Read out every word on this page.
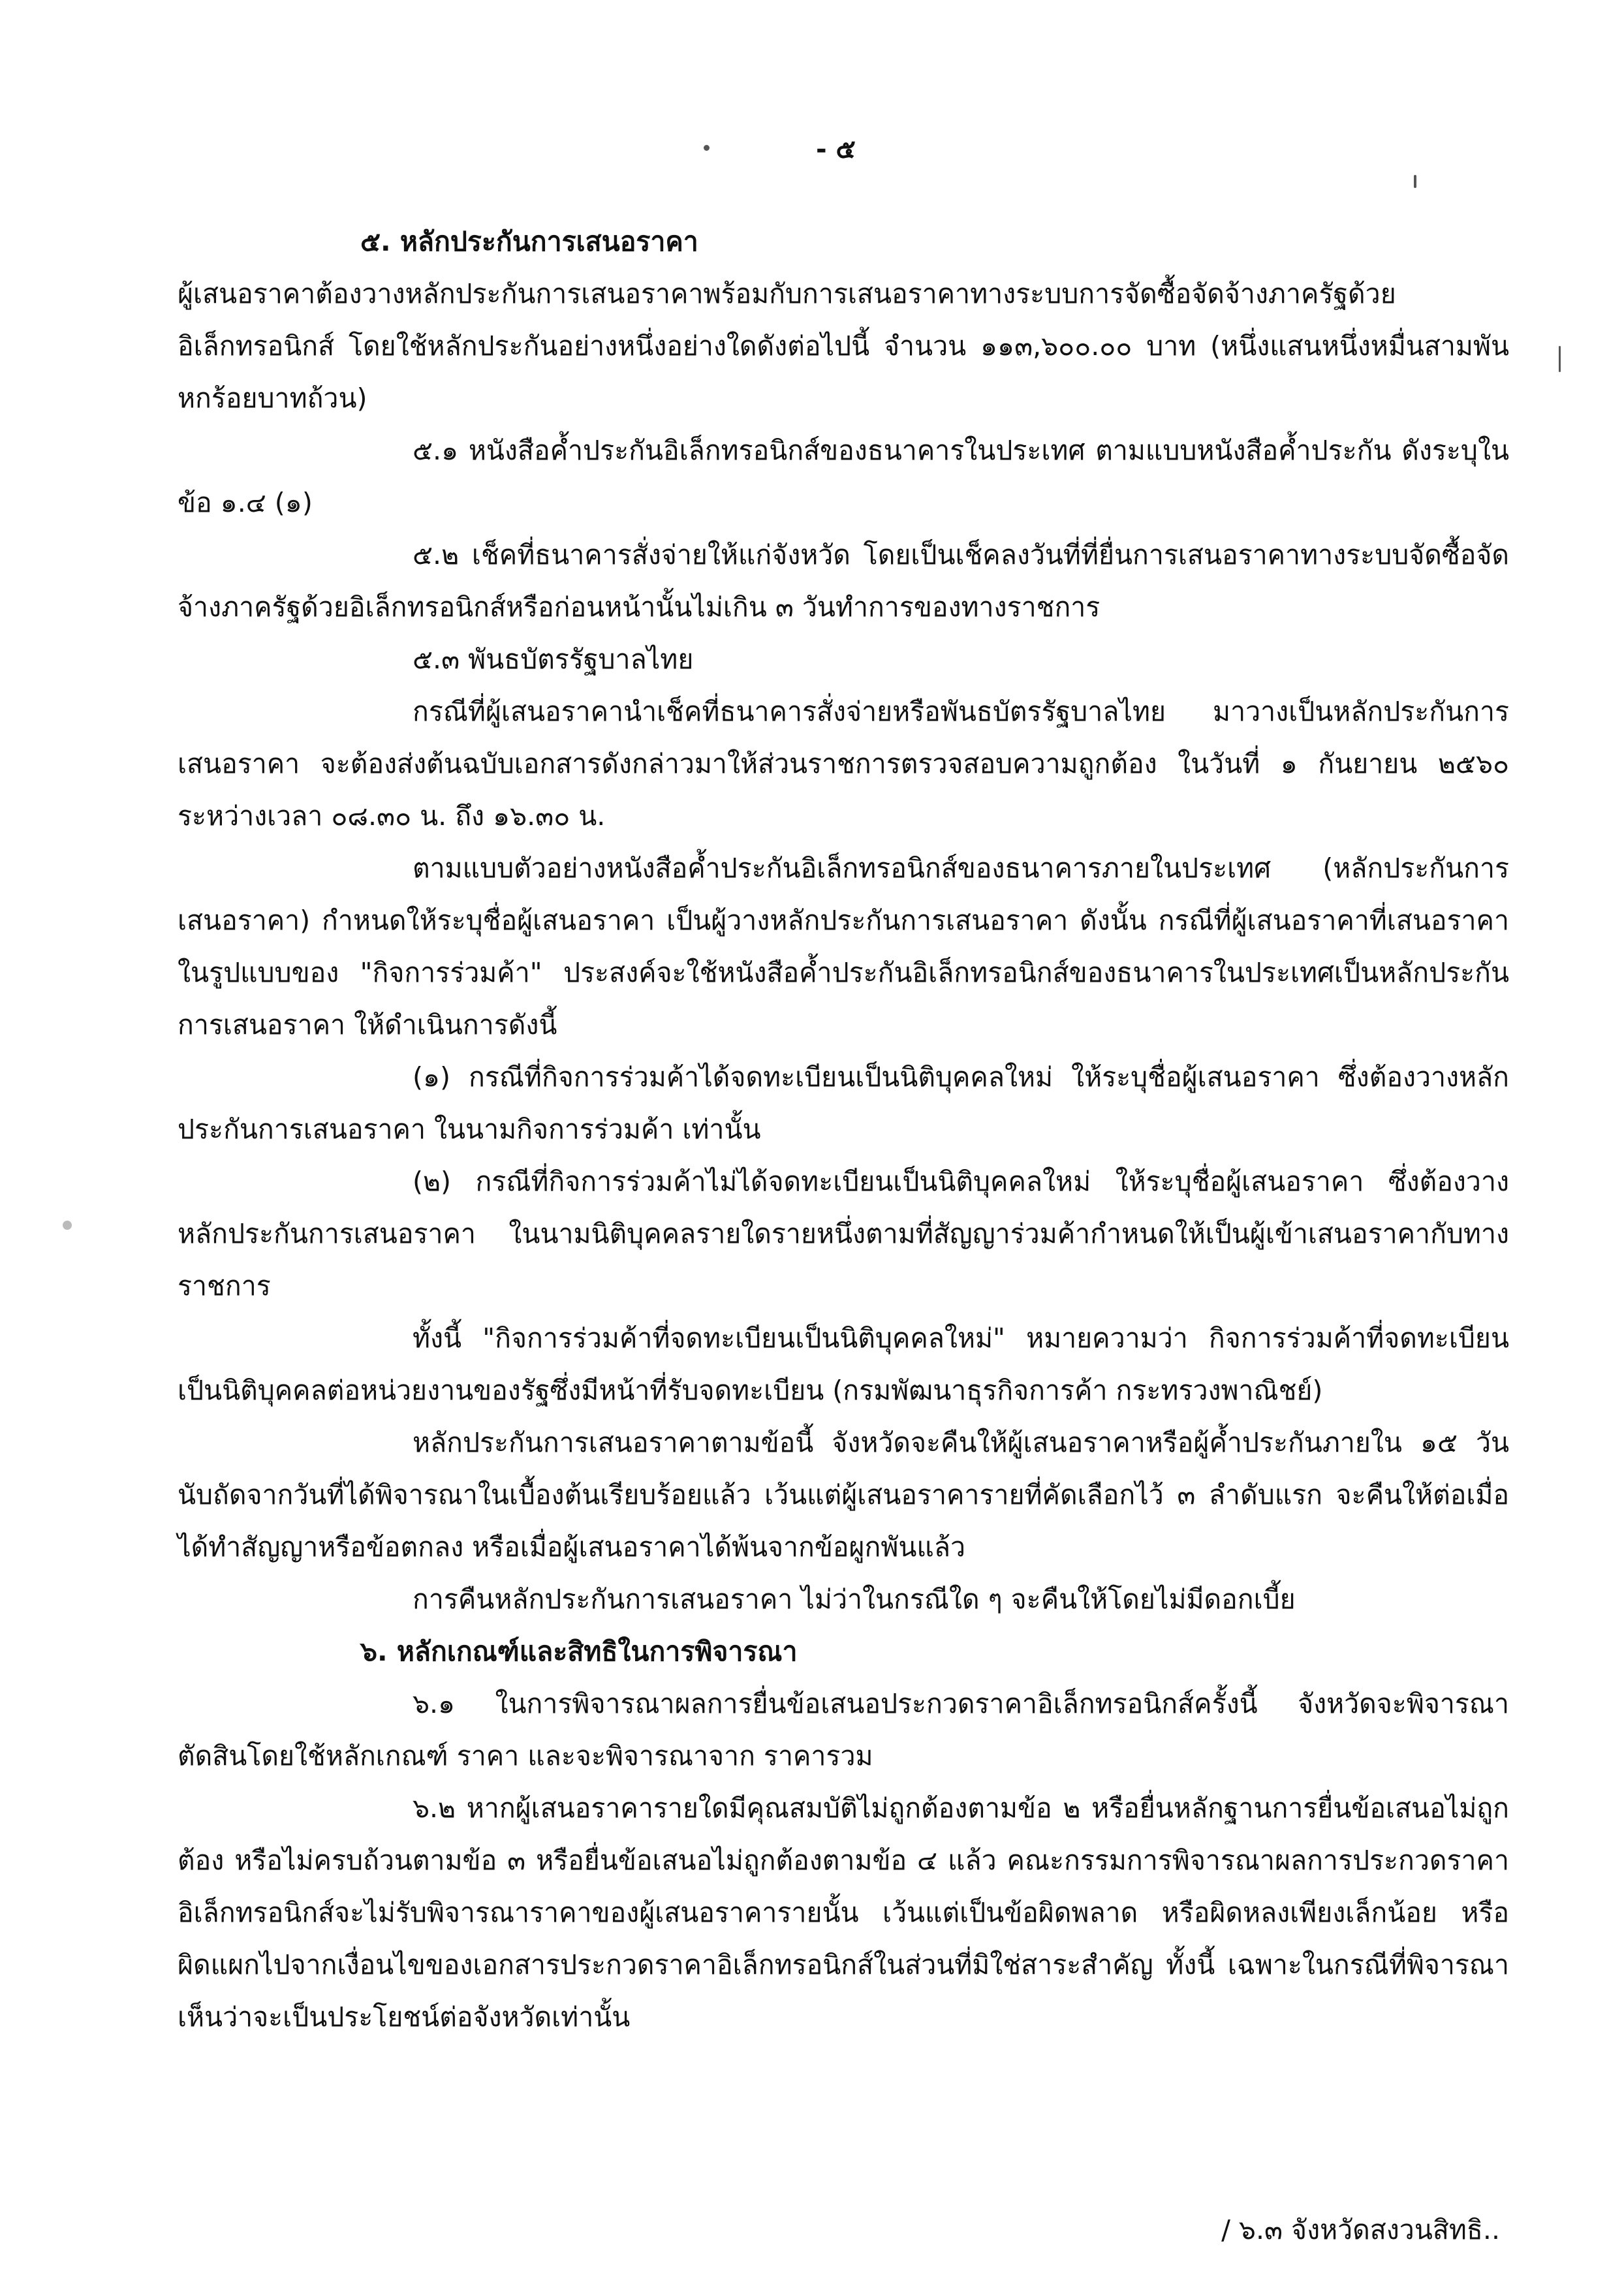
- ๕

๕. หลักประกันการเสนอราคา

ผู้เสนอราคาต้องวางหลักประกันการเสนอราคาพร้อมกับการเสนอราคาทางระบบการจัดซื้อจัดจ้างภาครัฐด้วยอิเล็กทรอนิกส์ โดยใช้หลักประกันอย่างหนึ่งอย่างใดดังต่อไปนี้ จำนวน ๑๑๓,๖๐๐.๐๐ บาท (หนึ่งแสนหนึ่งหมื่นสามพันหกร้อยบาทถ้วน)

๕.๑ หนังสือค้ำประกันอิเล็กทรอนิกส์ของธนาคารในประเทศ ตามแบบหนังสือค้ำประกัน ดังระบุในข้อ ๑.๔ (๑)

๕.๒ เช็คที่ธนาคารสั่งจ่ายให้แก่จังหวัด โดยเป็นเช็คลงวันที่ที่ยื่นการเสนอราคาทางระบบจัดซื้อจัดจ้างภาครัฐด้วยอิเล็กทรอนิกส์หรือก่อนหน้านั้นไม่เกิน ๓ วันทำการของทางราชการ

๕.๓ พันธบัตรรัฐบาลไทย

กรณีที่ผู้เสนอราคานำเช็คที่ธนาคารสั่งจ่ายหรือพันธบัตรรัฐบาลไทย มาวางเป็นหลักประกันการเสนอราคา จะต้องส่งต้นฉบับเอกสารดังกล่าวมาให้ส่วนราชการตรวจสอบความถูกต้อง ในวันที่ ๑ กันยายน ๒๕๖๐ ระหว่างเวลา ๐๘.๓๐ น. ถึง ๑๖.๓๐ น.

ตามแบบตัวอย่างหนังสือค้ำประกันอิเล็กทรอนิกส์ของธนาคารภายในประเทศ (หลักประกันการเสนอราคา) กำหนดให้ระบุชื่อผู้เสนอราคา เป็นผู้วางหลักประกันการเสนอราคา ดังนั้น กรณีที่ผู้เสนอราคาที่เสนอราคาในรูปแบบของ "กิจการร่วมค้า" ประสงค์จะใช้หนังสือค้ำประกันอิเล็กทรอนิกส์ของธนาคารในประเทศเป็นหลักประกันการเสนอราคา ให้ดำเนินการดังนี้

(๑) กรณีที่กิจการร่วมค้าได้จดทะเบียนเป็นนิติบุคคลใหม่ ให้ระบุชื่อผู้เสนอราคา ซึ่งต้องวางหลักประกันการเสนอราคา ในนามกิจการร่วมค้า เท่านั้น

(๒) กรณีที่กิจการร่วมค้าไม่ได้จดทะเบียนเป็นนิติบุคคลใหม่ ให้ระบุชื่อผู้เสนอราคา ซึ่งต้องวางหลักประกันการเสนอราคา ในนามนิติบุคคลรายใดรายหนึ่งตามที่สัญญาร่วมค้ากำหนดให้เป็นผู้เข้าเสนอราคากับทางราชการ

ทั้งนี้ "กิจการร่วมค้าที่จดทะเบียนเป็นนิติบุคคลใหม่" หมายความว่า กิจการร่วมค้าที่จดทะเบียนเป็นนิติบุคคลต่อหน่วยงานของรัฐซึ่งมีหน้าที่รับจดทะเบียน (กรมพัฒนาธุรกิจการค้า กระทรวงพาณิชย์)

หลักประกันการเสนอราคาตามข้อนี้ จังหวัดจะคืนให้ผู้เสนอราคาหรือผู้ค้ำประกันภายใน ๑๕ วัน นับถัดจากวันที่ได้พิจารณาในเบื้องต้นเรียบร้อยแล้ว เว้นแต่ผู้เสนอราคารายที่คัดเลือกไว้ ๓ ลำดับแรก จะคืนให้ต่อเมื่อได้ทำสัญญาหรือข้อตกลง หรือเมื่อผู้เสนอราคาได้พ้นจากข้อผูกพันแล้ว

การคืนหลักประกันการเสนอราคา ไม่ว่าในกรณีใด ๆ จะคืนให้โดยไม่มีดอกเบี้ย

๖. หลักเกณฑ์และสิทธิในการพิจารณา

๖.๑ ในการพิจารณาผลการยื่นข้อเสนอประกวดราคาอิเล็กทรอนิกส์ครั้งนี้ จังหวัดจะพิจารณาตัดสินโดยใช้หลักเกณฑ์ ราคา และจะพิจารณาจาก ราคารวม

๖.๒ หากผู้เสนอราคารายใดมีคุณสมบัติไม่ถูกต้องตามข้อ ๒ หรือยื่นหลักฐานการยื่นข้อเสนอไม่ถูกต้อง หรือไม่ครบถ้วนตามข้อ ๓ หรือยื่นข้อเสนอไม่ถูกต้องตามข้อ ๔ แล้ว คณะกรรมการพิจารณาผลการประกวดราคาอิเล็กทรอนิกส์จะไม่รับพิจารณาราคาของผู้เสนอราคารายนั้น เว้นแต่เป็นข้อผิดพลาด หรือผิดหลงเพียงเล็กน้อย หรือผิดแผกไปจากเงื่อนไขของเอกสารประกวดราคาอิเล็กทรอนิกส์ในส่วนที่มิใช่สาระสำคัญ ทั้งนี้ เฉพาะในกรณีที่พิจารณาเห็นว่าจะเป็นประโยชน์ต่อจังหวัดเท่านั้น

/ ๖.๓ จังหวัดสงวนสิทธิ..
